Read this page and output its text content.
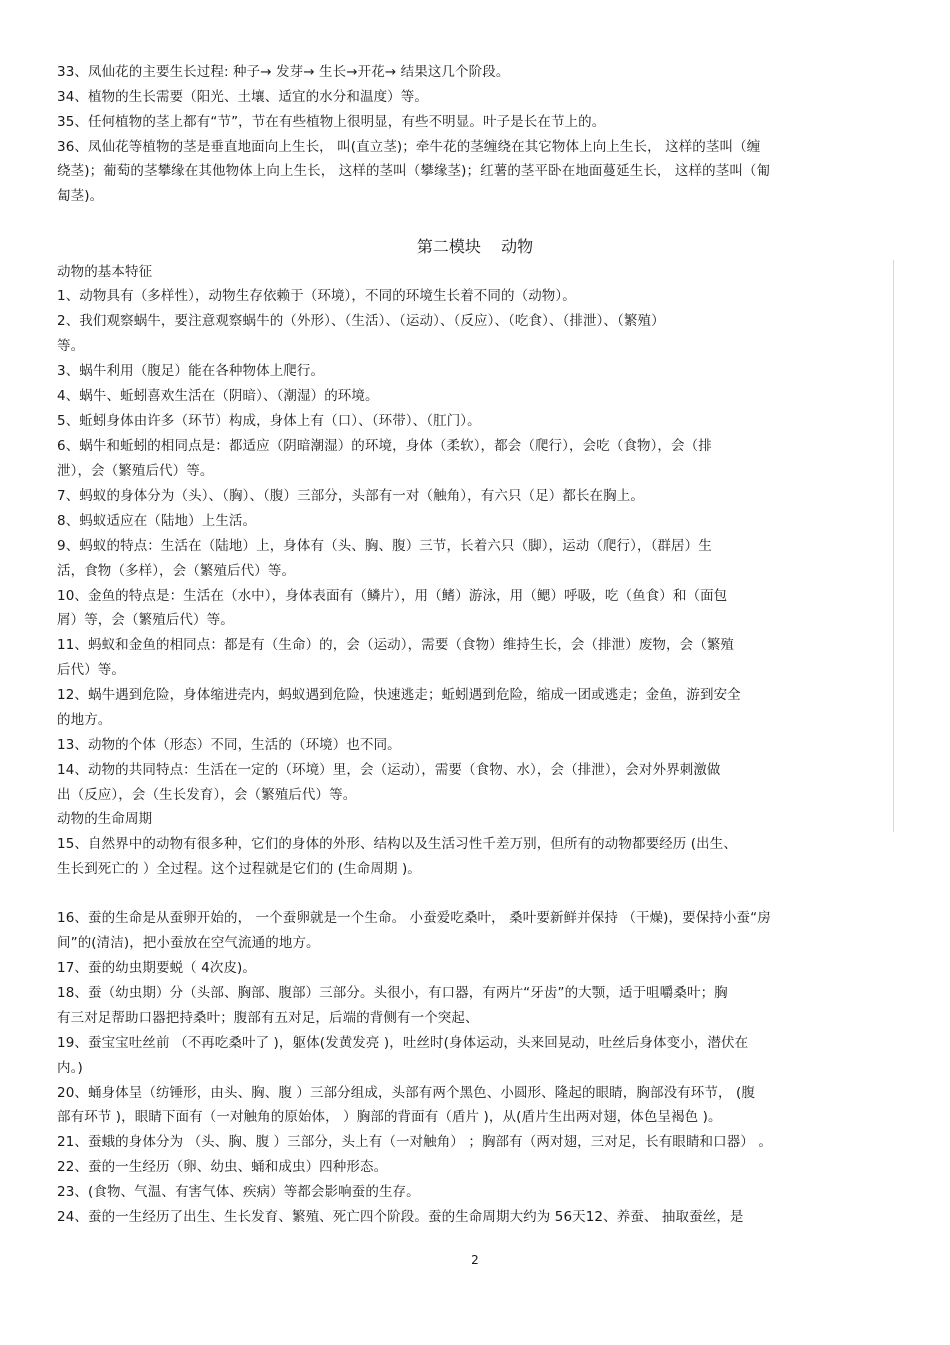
33、凤仙花的主要生长过程: 种子→ 发芽→ 生长→开花→ 结果这几个阶段。
34、植物的生长需要（阳光、土壤、适宜的水分和温度）等。
35、任何植物的茎上都有“节”，节在有些植物上很明显，有些不明显。叶子是长在节上的。
36、凤仙花等植物的茎是垂直地面向上生长， 叫(直立茎)；牵牛花的茎缠绕在其它物体上向上生长， 这样的茎叫（缠
绕茎)；葡萄的茎攀缘在其他物体上向上生长， 这样的茎叫（攀缘茎)；红薯的茎平卧在地面蔓延生长， 这样的茎叫（匍
匐茎)。
第二模块    动物
动物的基本特征
1、动物具有（多样性），动物生存依赖于（环境），不同的环境生长着不同的（动物）。
2、我们观察蜗牛，要注意观察蜗牛的（外形）、（生活）、（运动）、（反应）、（吃食）、（排泄）、（繁殖）
等。
3、蜗牛利用（腹足）能在各种物体上爬行。
4、蜗牛、蚯蚓喜欢生活在（阴暗）、（潮湿）的环境。
5、蚯蚓身体由许多（环节）构成，身体上有（口）、（环带）、（肛门）。
6、蜗牛和蚯蚓的相同点是：都适应（阴暗潮湿）的环境，身体（柔软），都会（爬行），会吃（食物），会（排
泄），会（繁殖后代）等。
7、蚂蚁的身体分为（头）、（胸）、（腹）三部分，头部有一对（触角），有六只（足）都长在胸上。
8、蚂蚁适应在（陆地）上生活。
9、蚂蚁的特点：生活在（陆地）上，身体有（头、胸、腹）三节，长着六只（脚），运动（爬行），（群居）生
活，食物（多样），会（繁殖后代）等。
10、金鱼的特点是：生活在（水中），身体表面有（鳞片），用（鳍）游泳，用（鳃）呼吸，吃（鱼食）和（面包
屑）等，会（繁殖后代）等。
11、蚂蚁和金鱼的相同点：都是有（生命）的，会（运动），需要（食物）维持生长，会（排泄）废物，会（繁殖
后代）等。
12、蜗牛遇到危险，身体缩进壳内，蚂蚁遇到危险，快速逃走；蚯蚓遇到危险，缩成一团或逃走；金鱼，游到安全
的地方。
13、动物的个体（形态）不同，生活的（环境）也不同。
14、动物的共同特点：生活在一定的（环境）里，会（运动），需要（食物、水），会（排泄），会对外界刺激做
出（反应），会（生长发育），会（繁殖后代）等。
动物的生命周期
15、自然界中的动物有很多种，它们的身体的外形、结构以及生活习性千差万别，但所有的动物都要经历 (出生、
生长到死亡的 ）全过程。这个过程就是它们的 (生命周期 )。
16、蚕的生命是从蚕卵开始的， 一个蚕卵就是一个生命。 小蚕爱吃桑叶， 桑叶要新鲜并保持 （干燥)，要保持小蚕“房
间”的(清洁)，把小蚕放在空气流通的地方。
17、蚕的幼虫期要蜕（ 4次皮)。
18、蚕（幼虫期）分（头部、胸部、腹部）三部分。头很小，有口器，有两片“牙齿”的大颚，适于咀嚼桑叶；胸
有三对足帮助口器把持桑叶；腹部有五对足，后端的背侧有一个突起、
19、蚕宝宝吐丝前 （不再吃桑叶了 )，躯体(发黄发亮 )，吐丝时(身体运动，头来回晃动，吐丝后身体变小，潜伏在
内。)
20、蛹身体呈（纺锤形，由头、胸、腹 ）三部分组成，头部有两个黑色、小圆形、隆起的眼睛，胸部没有环节， (腹
部有环节 )，眼睛下面有（一对触角的原始体， ）胸部的背面有（盾片 )，从(盾片生出两对翅，体色呈褐色 )。
21、蚕蛾的身体分为 （头、胸、腹 ）三部分，头上有（一对触角） ；胸部有（两对翅，三对足，长有眼睛和口器） 。
22、蚕的一生经历（卵、幼虫、蛹和成虫）四种形态。
23、(食物、气温、有害气体、疾病）等都会影响蚕的生存。
24、蚕的一生经历了出生、生长发育、繁殖、死亡四个阶段。蚕的生命周期大约为 56天12、养蚕、 抽取蚕丝，是
2
